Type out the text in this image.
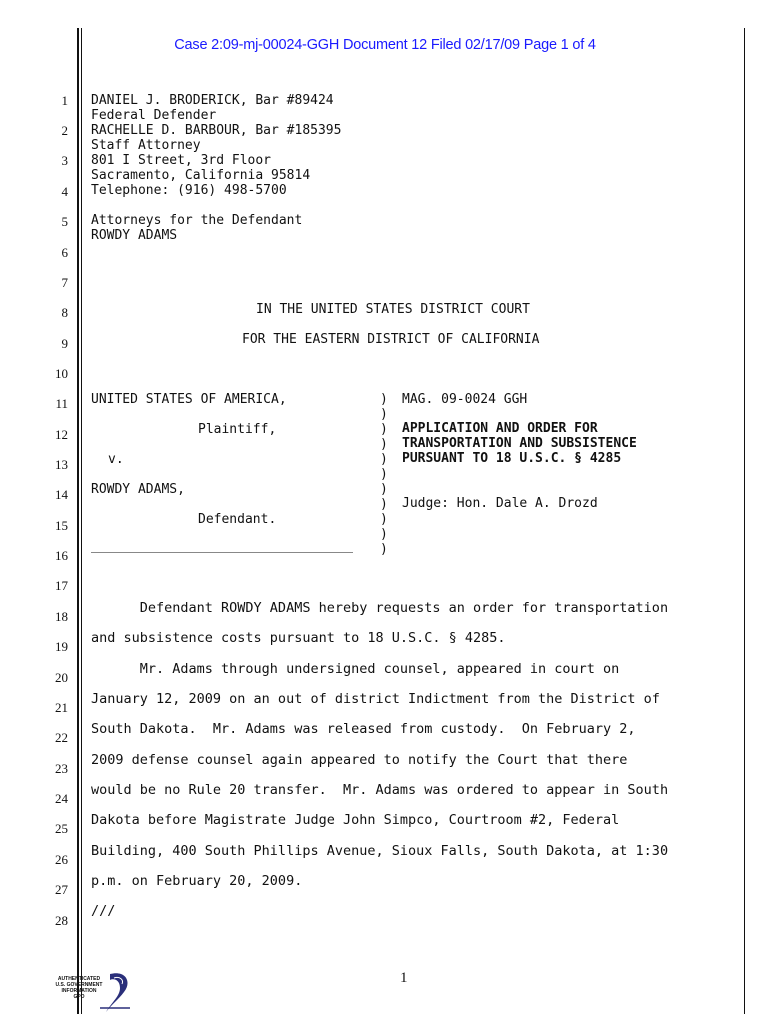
Case 2:09-mj-00024-GGH Document 12 Filed 02/17/09 Page 1 of 4
1
2
3
4
5
6
7
8
9
10
11
12
13
14
15
16
17
18
19
20
21
22
23
24
25
26
27
28
DANIEL J. BRODERICK, Bar #89424
Federal Defender
RACHELLE D. BARBOUR, Bar #185395
Staff Attorney
801 I Street, 3rd Floor
Sacramento, California 95814
Telephone: (916) 498-5700
Attorneys for the Defendant
ROWDY ADAMS
IN THE UNITED STATES DISTRICT COURT
FOR THE EASTERN DISTRICT OF CALIFORNIA
UNITED STATES OF AMERICA,
Plaintiff,
v.
ROWDY ADAMS,
Defendant.
)
)
)
)
)
)
)
)
)
)
)
MAG. 09-0024 GGH
APPLICATION AND ORDER FOR
TRANSPORTATION AND SUBSISTENCE
PURSUANT TO 18 U.S.C. § 4285
Judge: Hon. Dale A. Drozd
Defendant ROWDY ADAMS hereby requests an order for transportation
and subsistence costs pursuant to 18 U.S.C. § 4285.
Mr. Adams through undersigned counsel, appeared in court on
January 12, 2009 on an out of district Indictment from the District of
South Dakota.  Mr. Adams was released from custody.  On February 2,
2009 defense counsel again appeared to notify the Court that there
would be no Rule 20 transfer.  Mr. Adams was ordered to appear in South
Dakota before Magistrate Judge John Simpco, Courtroom #2, Federal
Building, 400 South Phillips Avenue, Sioux Falls, South Dakota, at 1:30
p.m. on February 20, 2009.
///
1
AUTHENTICATED
U.S. GOVERNMENT
INFORMATION
GPO
